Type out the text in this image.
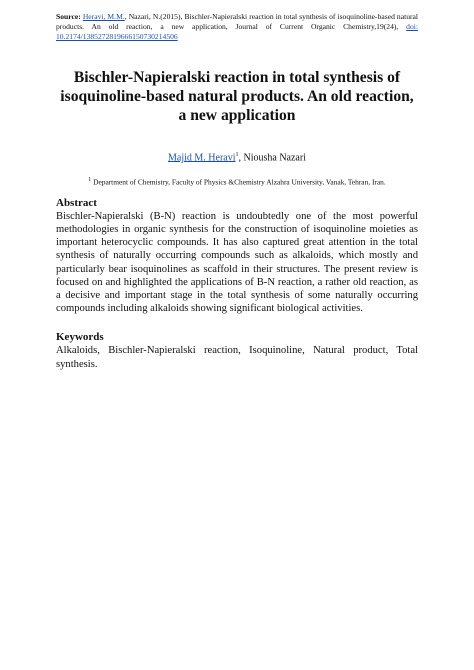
Source: Heravi, M.M., Nazari, N.(2015), Bischler-Napieralski reaction in total synthesis of isoquinoline-based natural products. An old reaction, a new application, Journal of Current Organic Chemistry,19(24), doi: 10.2174/1385272819666150730214506

Bischler-Napieralski reaction in total synthesis of isoquinoline-based natural products. An old reaction, a new application

Majid M. Heravi$^1$, Niousha Nazari

$^1$ Department of Chemistry, Faculty of Physics &Chemistry Alzahra University, Vanak, Tehran, Iran.

Abstract

Bischler-Napieralski (B-N) reaction is undoubtedly one of the most powerful methodologies in organic synthesis for the construction of isoquinoline moieties as important heterocyclic compounds. It has also captured great attention in the total synthesis of naturally occurring compounds such as alkaloids, which mostly and particularly bear isoquinolines as scaffold in their structures. The present review is focused on and highlighted the applications of B-N reaction, a rather old reaction, as a decisive and important stage in the total synthesis of some naturally occurring compounds including alkaloids showing significant biological activities.

Keywords

Alkaloids, Bischler-Napieralski reaction, Isoquinoline, Natural product, Total synthesis.
